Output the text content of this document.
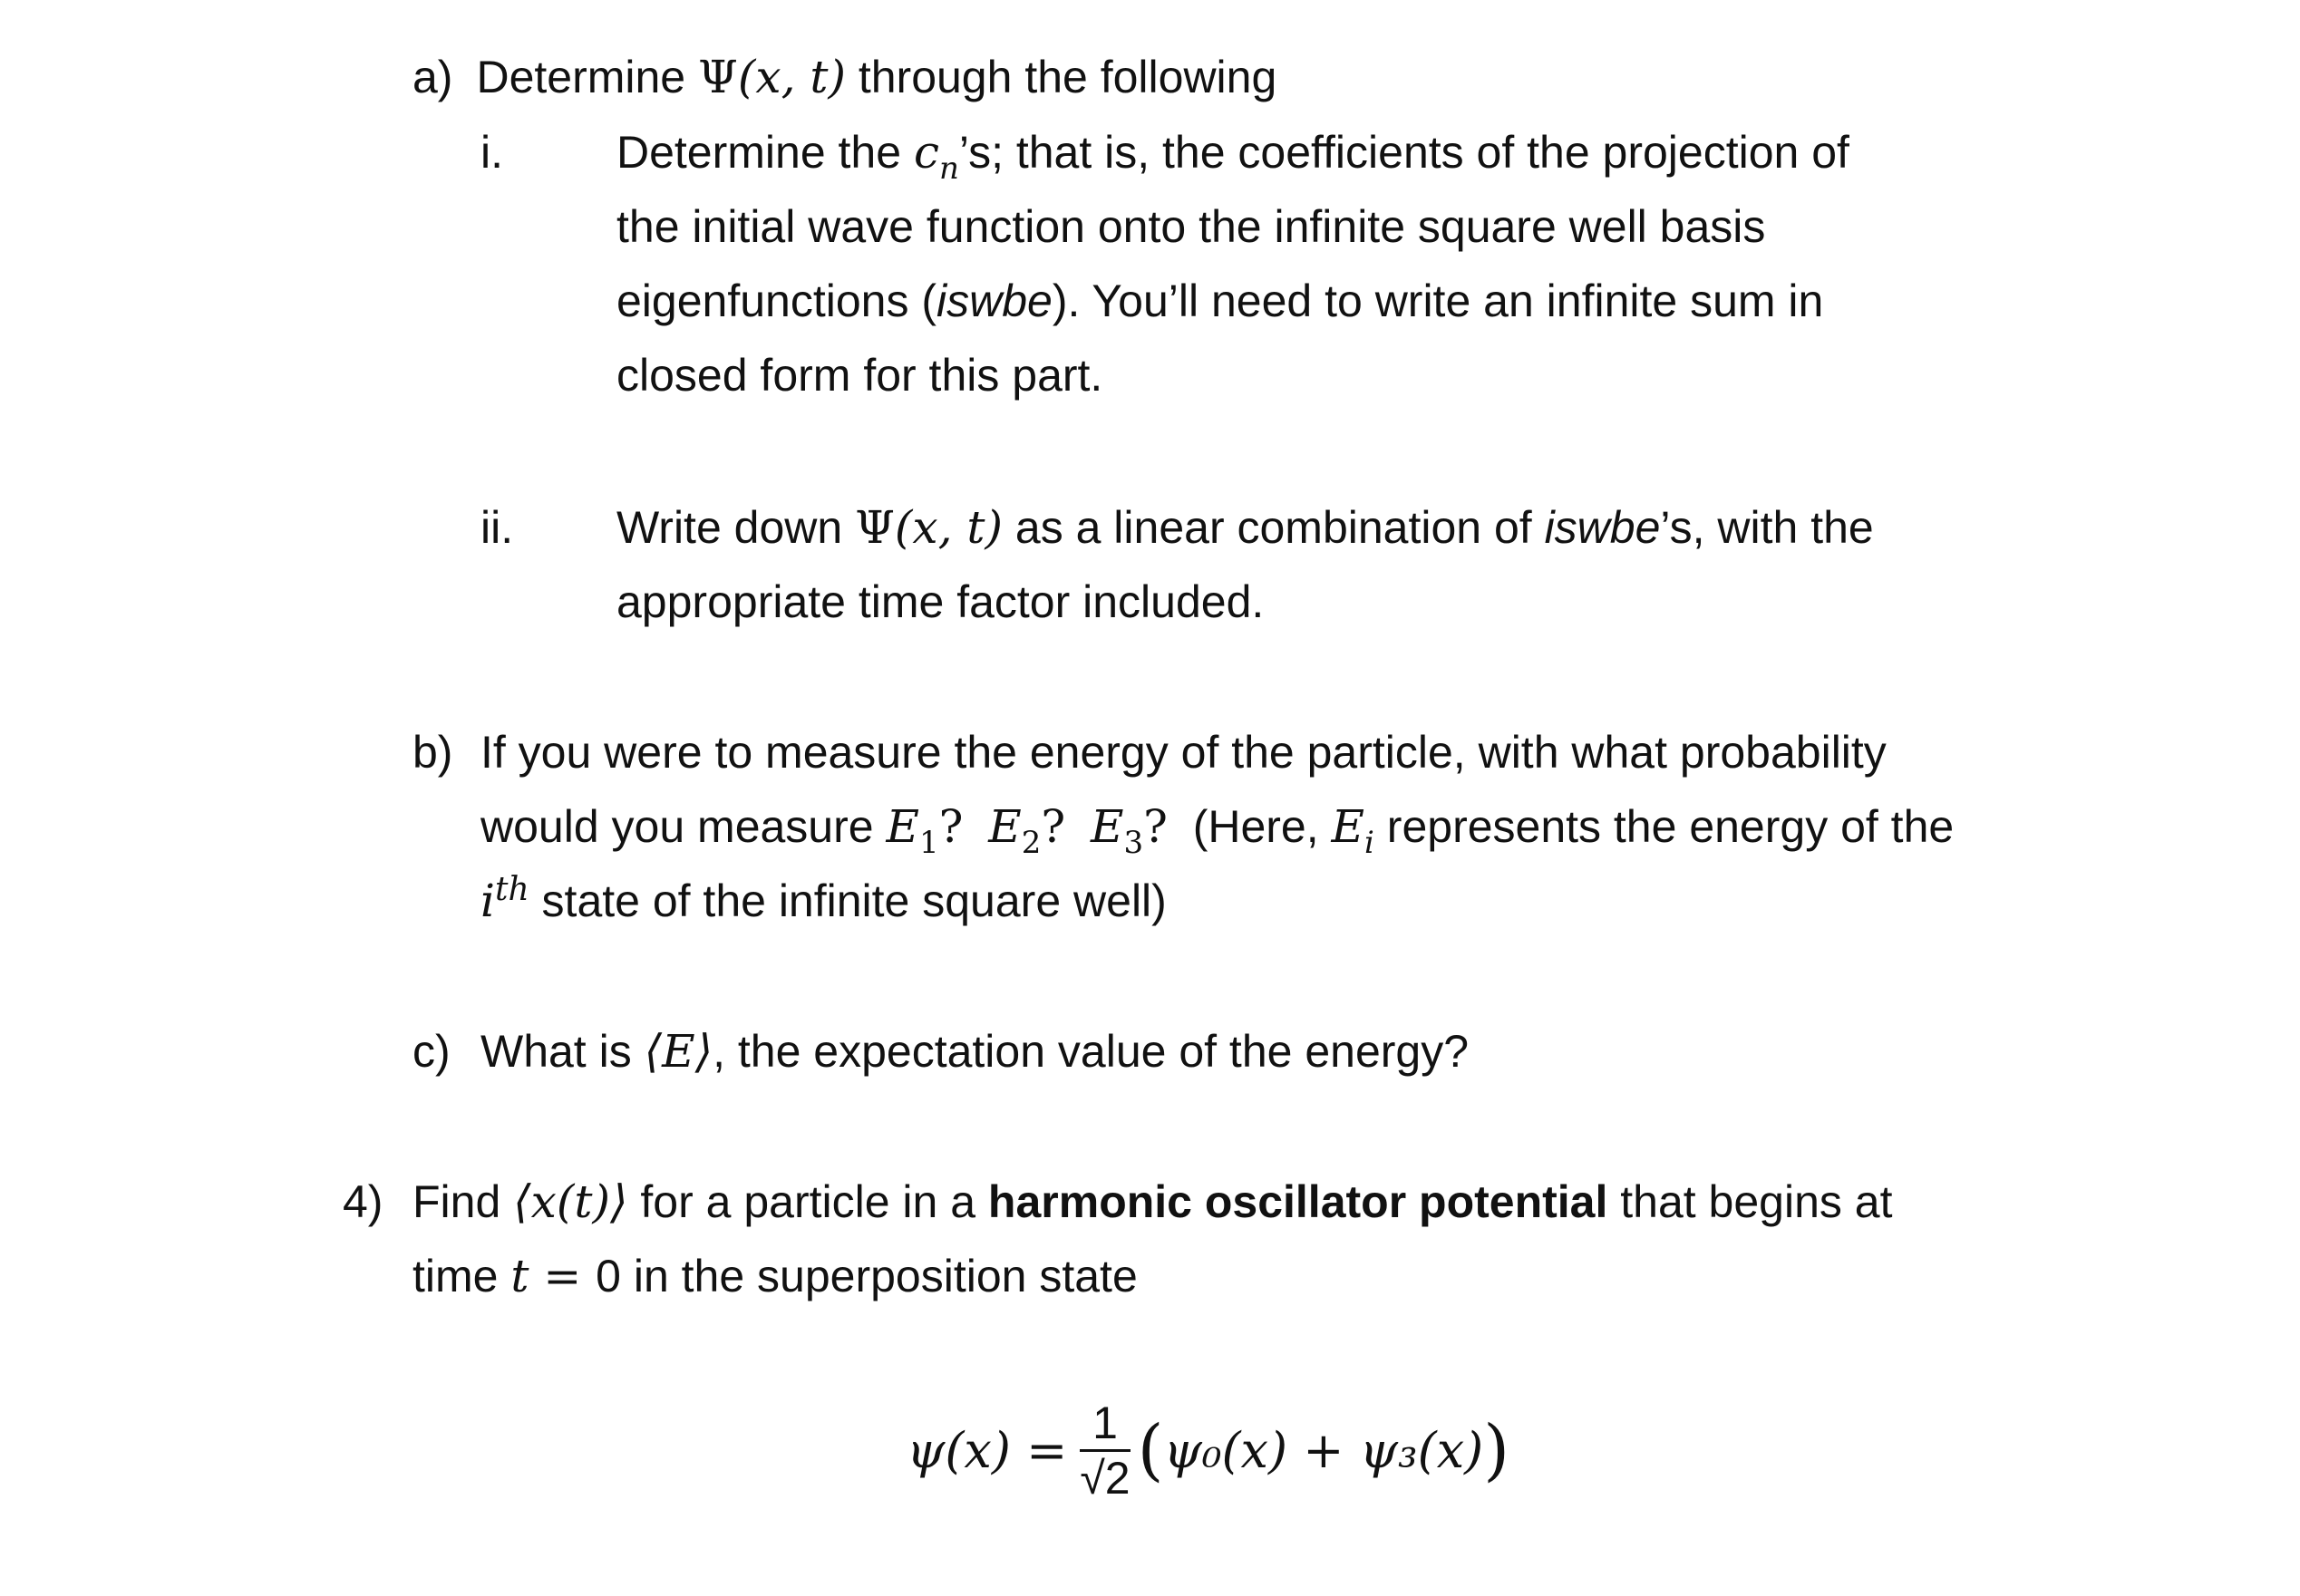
a) Determine Ψ(x, t) through the following
i.	Determine the $c_n’s$; that is, the coefficients of the projection of
the initial wave function onto the infinite square well basis
eigenfunctions (iswbe). You’ll need to write an infinite sum in
closed form for this part.
ii. Write down Ψ(x, t) as a linear combination of iswbe’s, with the
appropriate time factor included.
b) If you were to measure the energy of the particle, with what probability
would you measure $E_1$? $E_2$? $E_3$? (Here, $E_i$ represents the energy of the
$i^{th}$ state of the infinite square well)
c) What is ⟨E⟩, the expectation value of the energy?
4) Find ⟨x(t)⟩ for a particle in a harmonic oscillator potential that begins at
time t = 0 in the superposition state
$\psi(x) = \frac{1}{√2}$ ( ψ₀(x) + ψ₃(x) )
